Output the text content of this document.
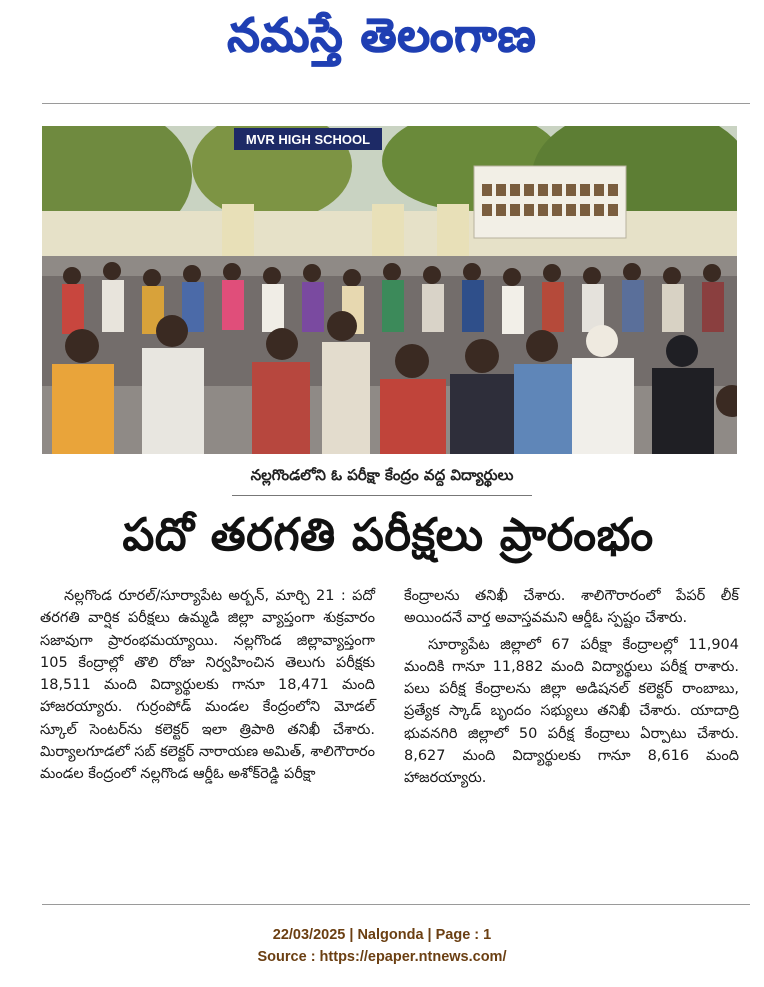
నమస్తే తెలంగాణ
MVR HIGH SCHOOL
నల్లగొండలోని ఓ పరీక్షా కేంద్రం వద్ద విద్యార్థులు
పదో తరగతి పరీక్షలు ప్రారంభం

నల్లగొండ రూరల్/సూర్యాపేట అర్బన్, మార్చి 21 : పదో తరగతి వార్షిక పరీక్షలు ఉమ్మడి జిల్లా వ్యాప్తంగా శుక్రవారం సజావుగా ప్రారంభమయ్యాయి. నల్లగొండ జిల్లావ్యాప్తంగా 105 కేంద్రాల్లో తొలి రోజు నిర్వహించిన తెలుగు పరీక్షకు 18,511 మంది విద్యార్థులకు గానూ 18,471 మంది హాజరయ్యారు. గుర్రంపోడ్ మండల కేంద్రంలోని మోడల్ స్కూల్ సెంటర్‌ను కలెక్టర్ ఇలా త్రిపాఠి తనిఖీ చేశారు. మిర్యాలగూడలో సబ్ కలెక్టర్ నారాయణ అమిత్, శాలిగౌరారం మండల కేంద్రంలో నల్లగొండ ఆర్డీఓ అశోక్‌రెడ్డి పరీక్షా

కేంద్రాలను తనిఖీ చేశారు. శాలిగౌరారంలో పేపర్ లీక్ అయిందనే వార్త అవాస్తవమని ఆర్డీఓ స్పష్టం చేశారు.

సూర్యాపేట జిల్లాలో 67 పరీక్షా కేంద్రాలల్లో 11,904 మందికి గానూ 11,882 మంది విద్యార్థులు పరీక్ష రాశారు. పలు పరీక్ష కేంద్రాలను జిల్లా అడిషనల్ కలెక్టర్ రాంబాబు, ప్రత్యేక స్కాడ్ బృందం సభ్యులు తనిఖీ చేశారు. యాదాద్రి భువనగిరి జిల్లాలో 50 పరీక్ష కేంద్రాలు ఏర్పాటు చేశారు. 8,627 మంది విద్యార్థులకు గానూ 8,616 మంది హాజరయ్యారు.

22/03/2025 | Nalgonda | Page : 1
Source : https://epaper.ntnews.com/
